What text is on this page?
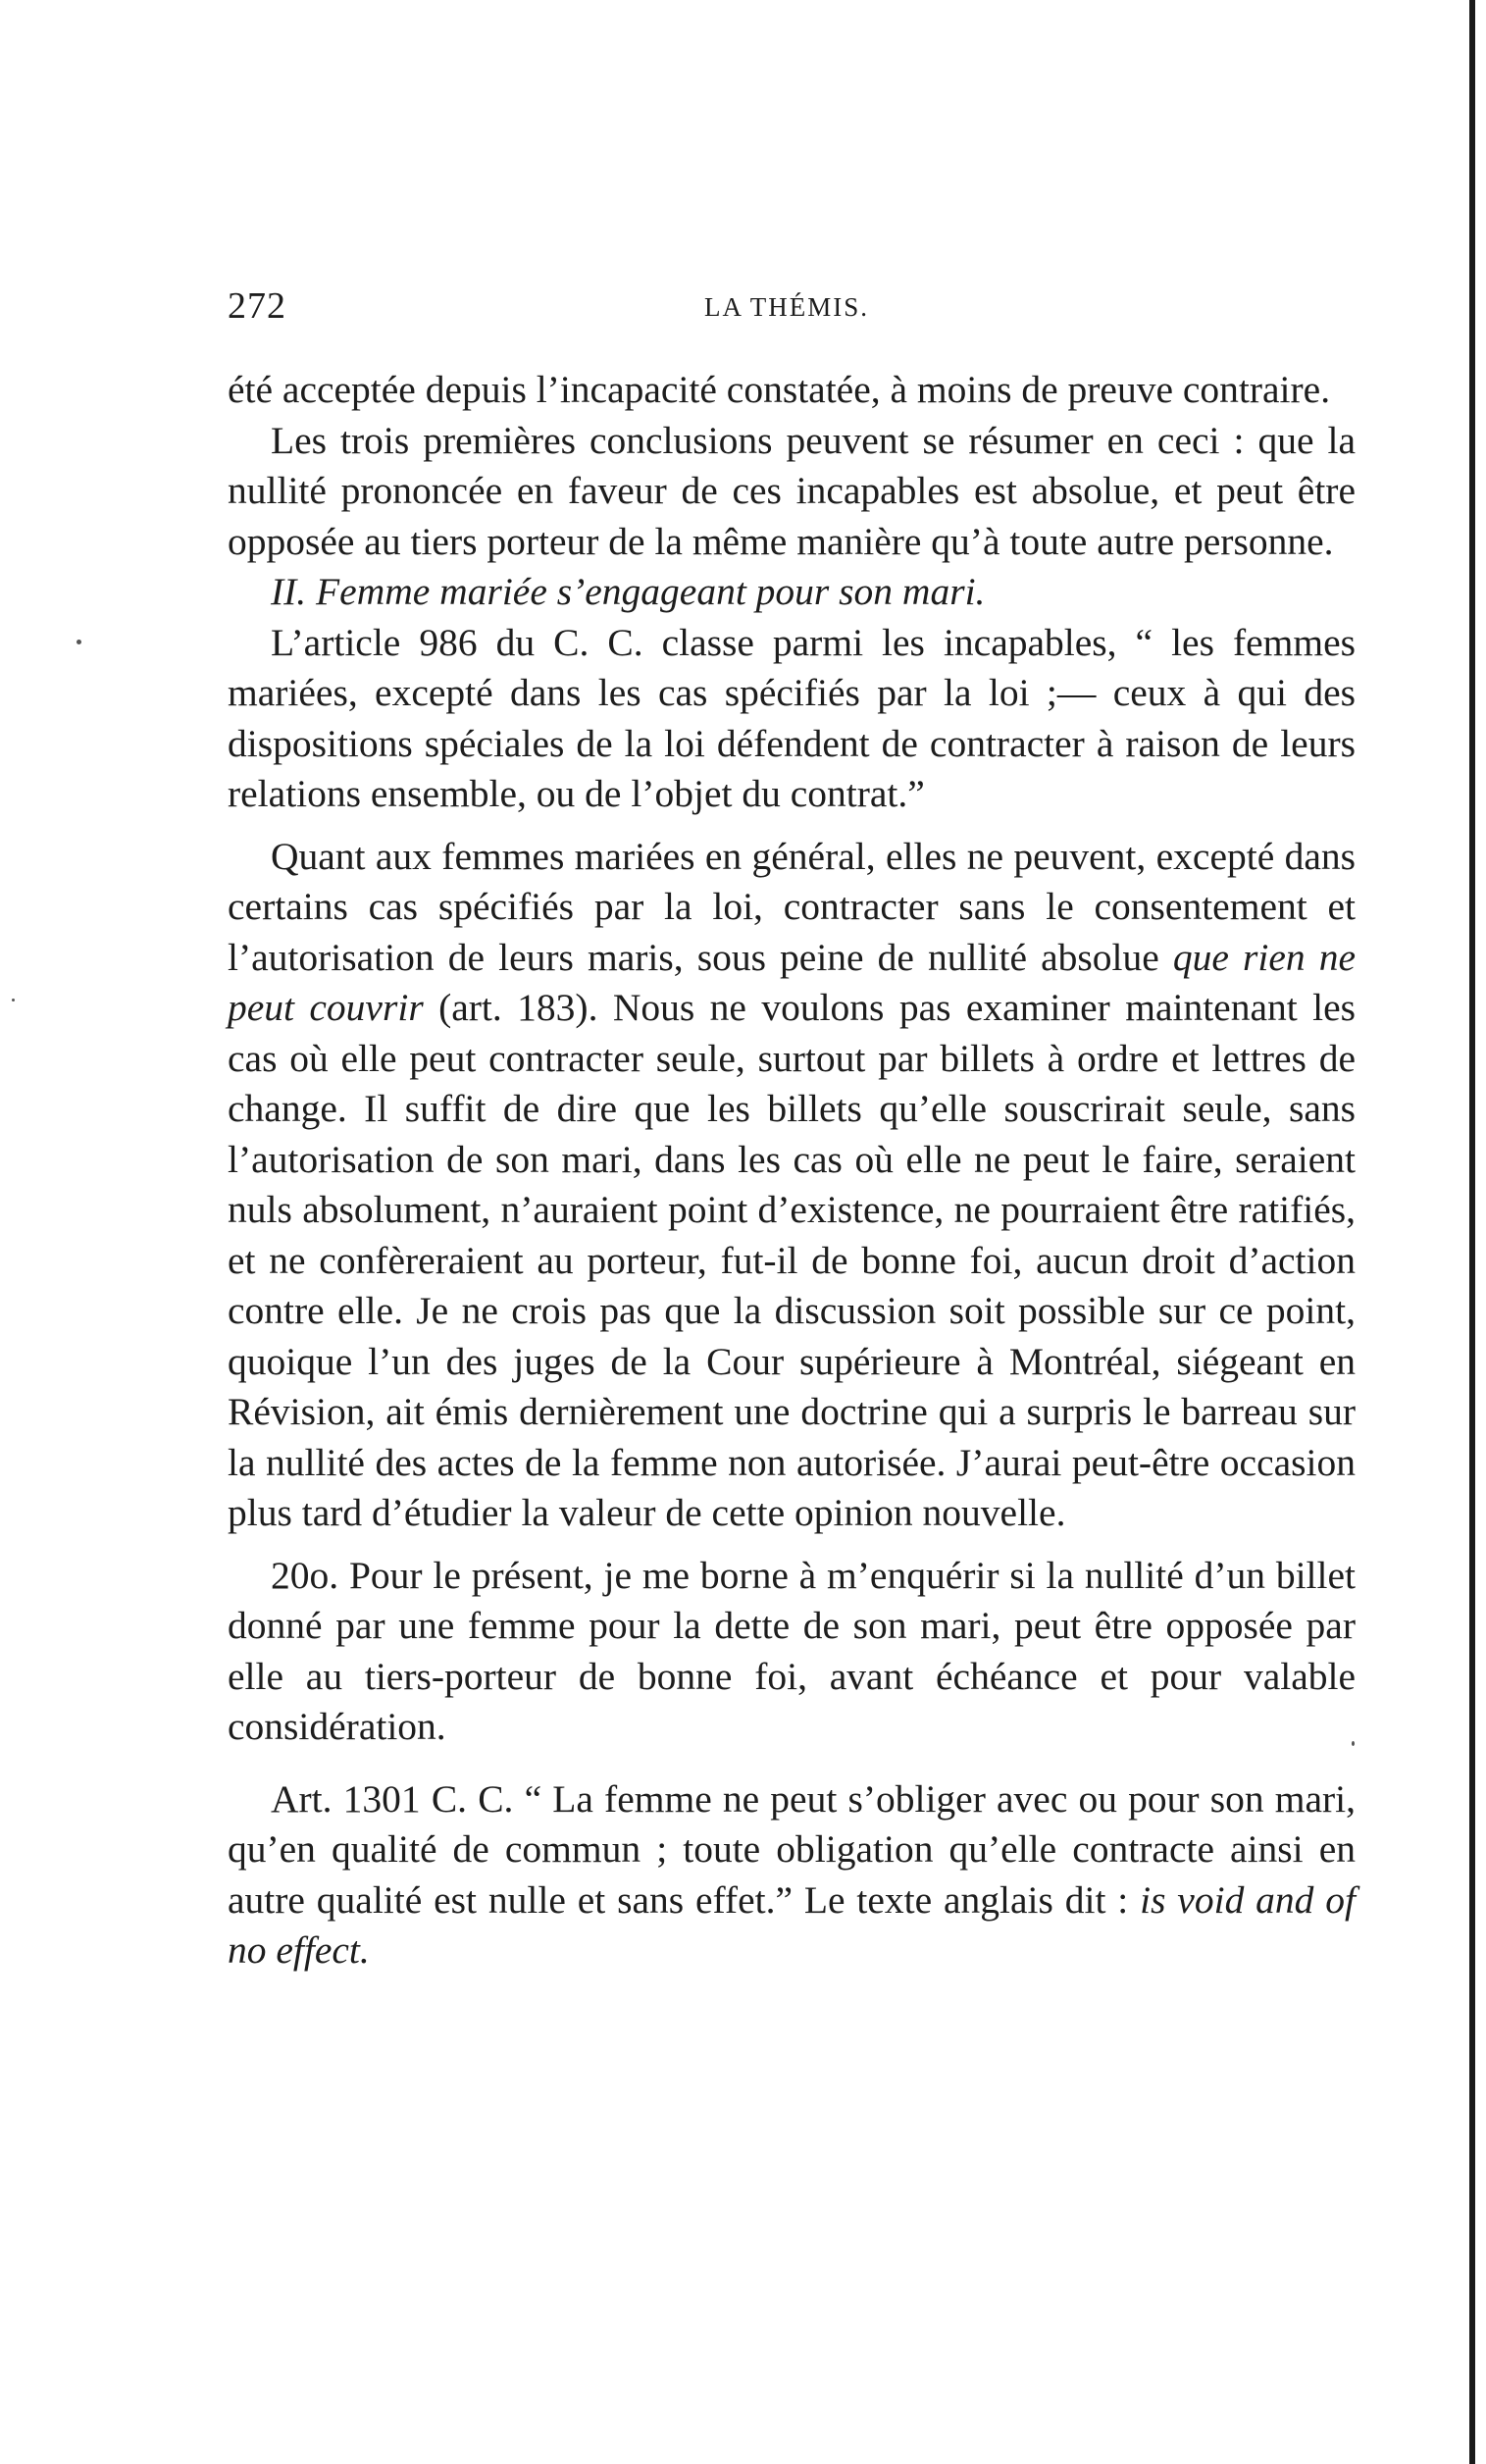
272	LA THÉMIS.

été acceptée depuis l’incapacité constatée, à moins de preuve contraire.

Les trois premières conclusions peuvent se résumer en ceci : que la nullité prononcée en faveur de ces incapables est absolue, et peut être opposée au tiers porteur de la même manière qu’à toute autre personne.

II. Femme mariée s’engageant pour son mari.

L’article 986 du C. C. classe parmi les incapables, “ les femmes mariées, excepté dans les cas spécifiés par la loi ;— ceux à qui des dispositions spéciales de la loi défendent de contracter à raison de leurs relations ensemble, ou de l’objet du contrat.”

Quant aux femmes mariées en général, elles ne peuvent, excepté dans certains cas spécifiés par la loi, contracter sans le consentement et l’autorisation de leurs maris, sous peine de nullité absolue que rien ne peut couvrir (art. 183). Nous ne voulons pas examiner maintenant les cas où elle peut contracter seule, surtout par billets à ordre et lettres de change. Il suffit de dire que les billets qu’elle souscrirait seule, sans l’autorisation de son mari, dans les cas où elle ne peut le faire, seraient nuls absolument, n’auraient point d’existence, ne pourraient être ratifiés, et ne confèreraient au porteur, fut-il de bonne foi, aucun droit d’action contre elle. Je ne crois pas que la discussion soit possible sur ce point, quoique l’un des juges de la Cour supérieure à Montréal, siégeant en Révision, ait émis dernièrement une doctrine qui a surpris le barreau sur la nullité des actes de la femme non autorisée. J’aurai peut-être occasion plus tard d’étudier la valeur de cette opinion nouvelle.

20o. Pour le présent, je me borne à m’enquérir si la nullité d’un billet donné par une femme pour la dette de son mari, peut être opposée par elle au tiers-porteur de bonne foi, avant échéance et pour valable considération.

Art. 1301 C. C. “ La femme ne peut s’obliger avec ou pour son mari, qu’en qualité de commun ; toute obligation qu’elle contracte ainsi en autre qualité est nulle et sans effet.” Le texte anglais dit : is void and of no effect.
